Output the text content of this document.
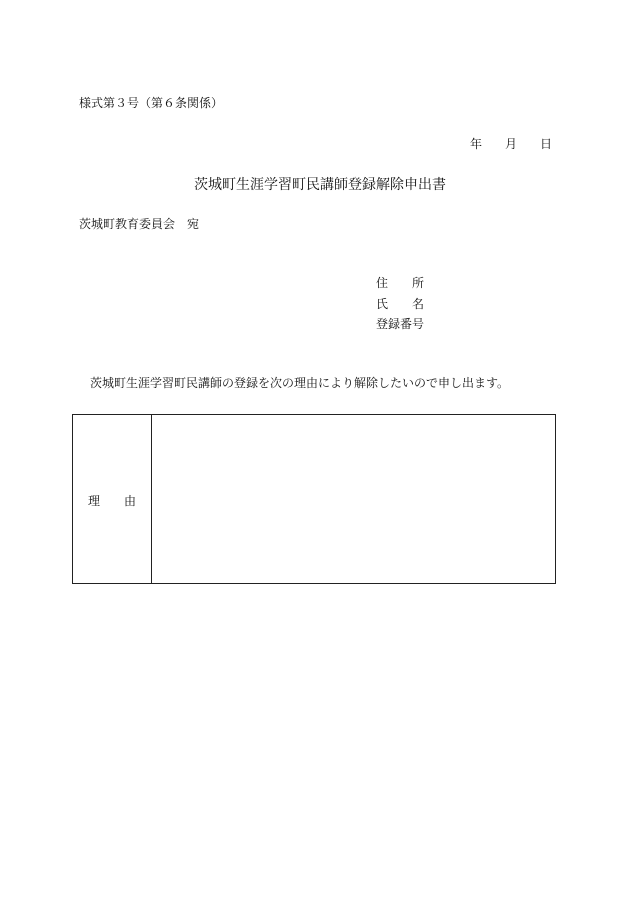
様式第３号（第６条関係）
年 月 日
茨城町生涯学習町民講師登録解除申出書
茨城町教育委員会　宛
住所
氏名
登録番号
茨城町生涯学習町民講師の登録を次の理由により解除したいので申し出ます。
理由
